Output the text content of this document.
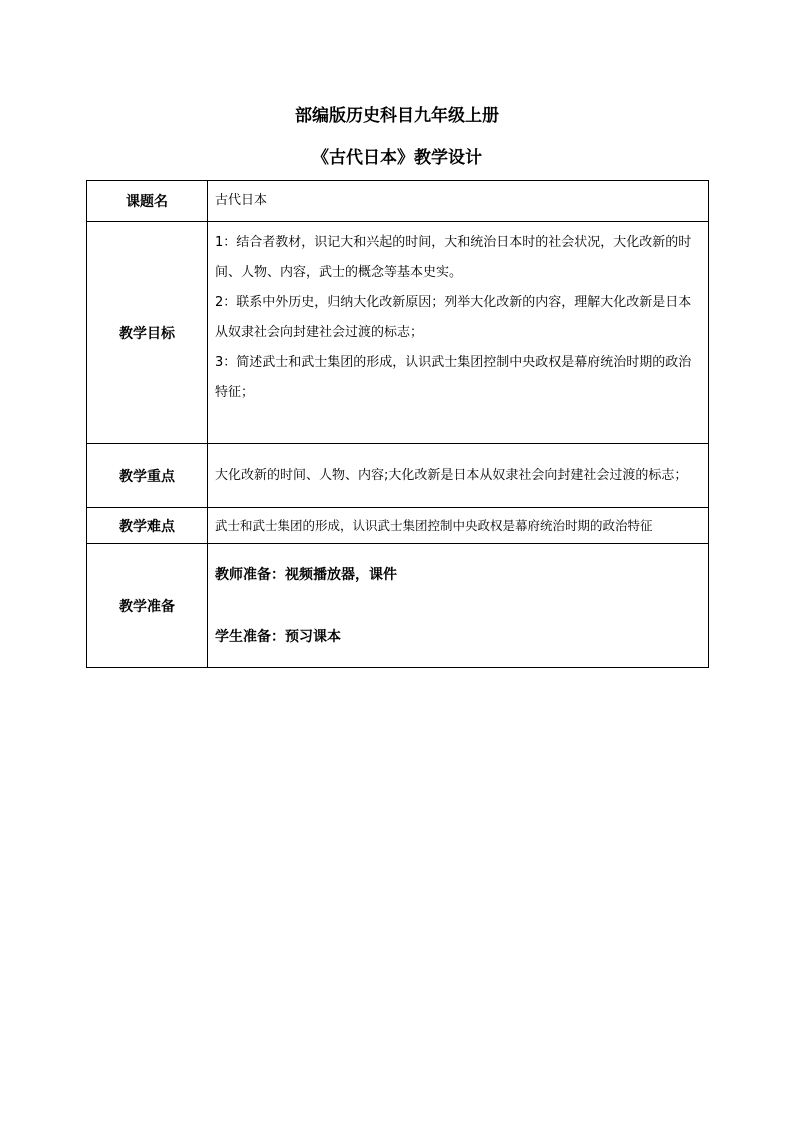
部编版历史科目九年级上册
《古代日本》教学设计
课题名	古代日本

教学目标	1：结合者教材，识记大和兴起的时间，大和统治日本时的社会状况，大化改新的时间、人物、内容，武士的概念等基本史实。

2：联系中外历史，归纳大化改新原因；列举大化改新的内容，理解大化改新是日本从奴隶社会向封建社会过渡的标志；

3：简述武士和武士集团的形成，认识武士集团控制中央政权是幕府统治时期的政治特征；

教学重点	大化改新的时间、人物、内容;大化改新是日本从奴隶社会向封建社会过渡的标志；

教学难点	武士和武士集团的形成，认识武士集团控制中央政权是幕府统治时期的政治特征

教学准备	教师准备：视频播放器，课件

学生准备：预习课本
